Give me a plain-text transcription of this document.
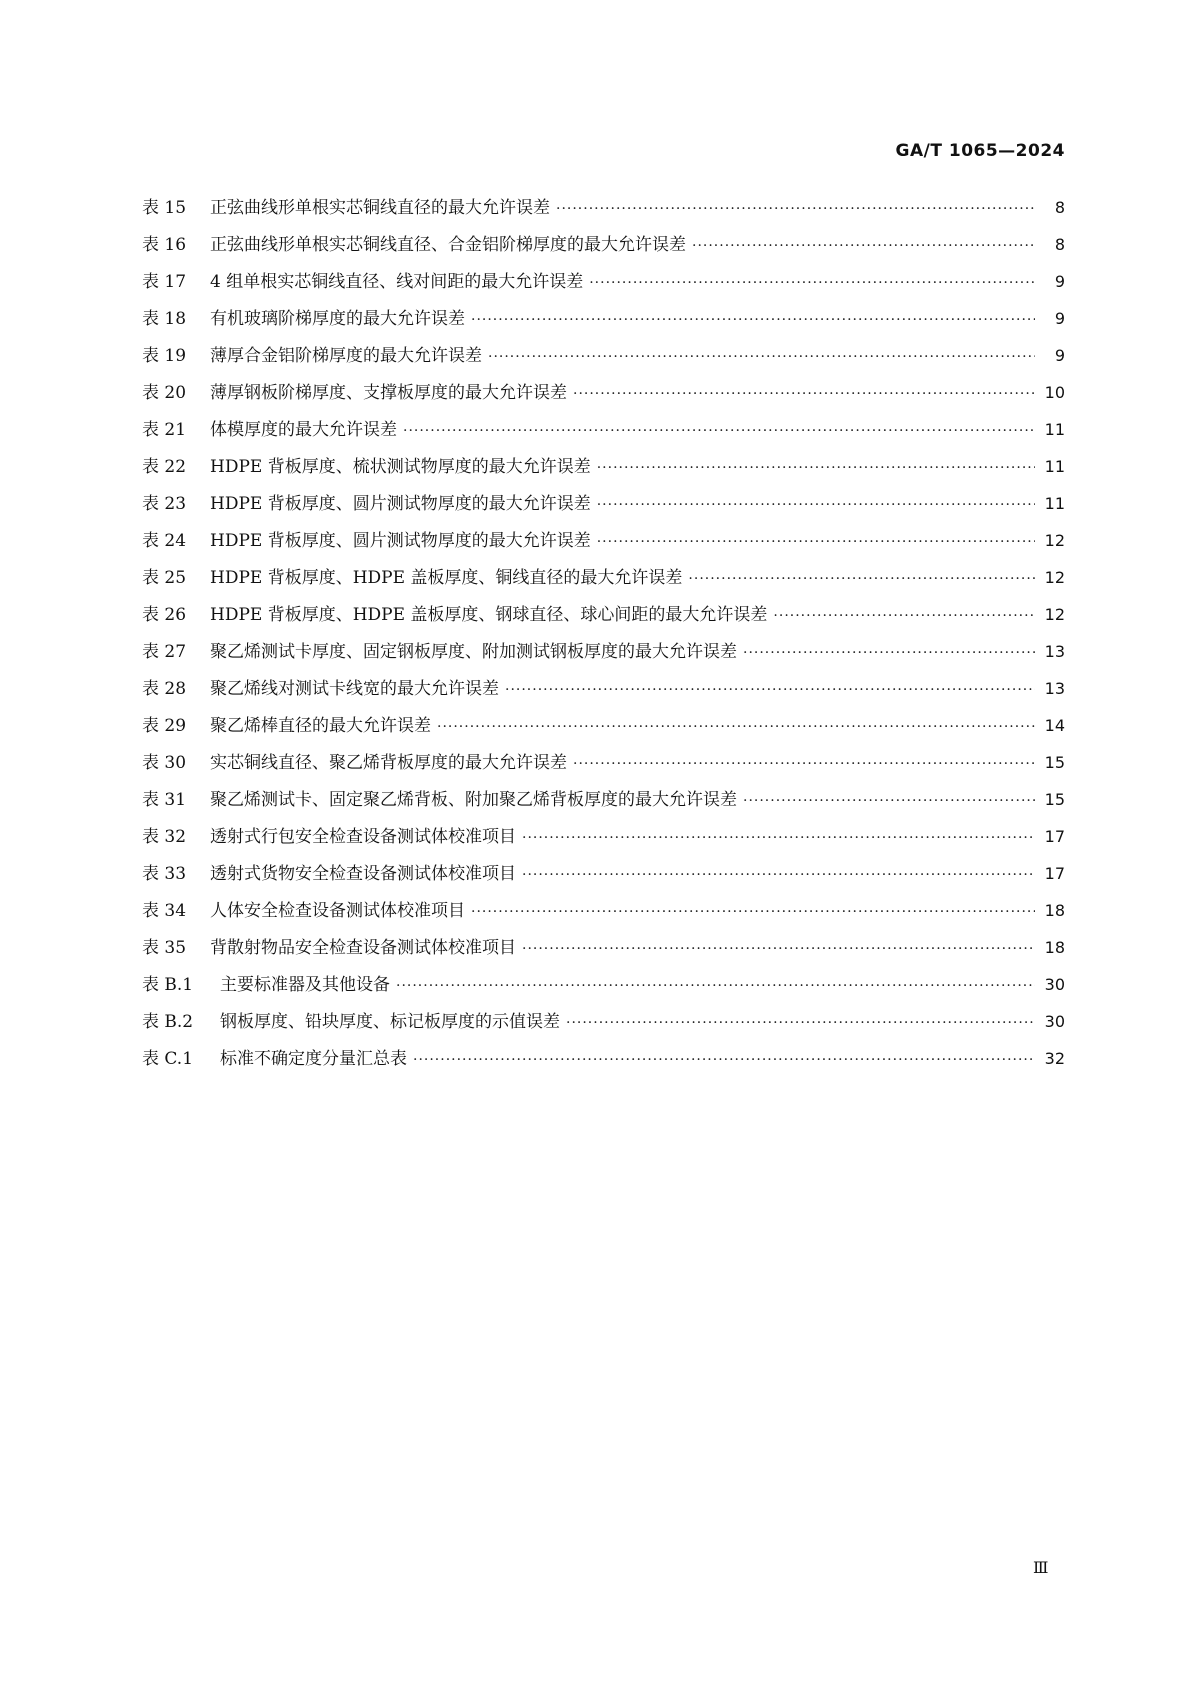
GA/T 1065—2024
表 15	正弦曲线形单根实芯铜线直径的最大允许误差 ·····	8
表 16	正弦曲线形单根实芯铜线直径、合金铝阶梯厚度的最大允许误差 ·····	8
表 17	4 组单根实芯铜线直径、线对间距的最大允许误差 ·····	9
表 18	有机玻璃阶梯厚度的最大允许误差 ·····	9
表 19	薄厚合金铝阶梯厚度的最大允许误差 ·····	9
表 20	薄厚钢板阶梯厚度、支撑板厚度的最大允许误差 ·····	10
表 21	体模厚度的最大允许误差 ·····	11
表 22	HDPE 背板厚度、梳状测试物厚度的最大允许误差 ·····	11
表 23	HDPE 背板厚度、圆片测试物厚度的最大允许误差 ·····	11
表 24	HDPE 背板厚度、圆片测试物厚度的最大允许误差 ·····	12
表 25	HDPE 背板厚度、HDPE 盖板厚度、铜线直径的最大允许误差 ·····	12
表 26	HDPE 背板厚度、HDPE 盖板厚度、钢球直径、球心间距的最大允许误差 ·····	12
表 27	聚乙烯测试卡厚度、固定钢板厚度、附加测试钢板厚度的最大允许误差 ·····	13
表 28	聚乙烯线对测试卡线宽的最大允许误差 ·····	13
表 29	聚乙烯棒直径的最大允许误差 ·····	14
表 30	实芯铜线直径、聚乙烯背板厚度的最大允许误差 ·····	15
表 31	聚乙烯测试卡、固定聚乙烯背板、附加聚乙烯背板厚度的最大允许误差 ·····	15
表 32	透射式行包安全检查设备测试体校准项目 ·····	17
表 33	透射式货物安全检查设备测试体校准项目 ·····	17
表 34	人体安全检查设备测试体校准项目 ·····	18
表 35	背散射物品安全检查设备测试体校准项目 ·····	18
表 B.1	主要标准器及其他设备 ·····	30
表 B.2	钢板厚度、铅块厚度、标记板厚度的示值误差 ·····	30
表 C.1	标准不确定度分量汇总表 ·····	32
Ⅲ
